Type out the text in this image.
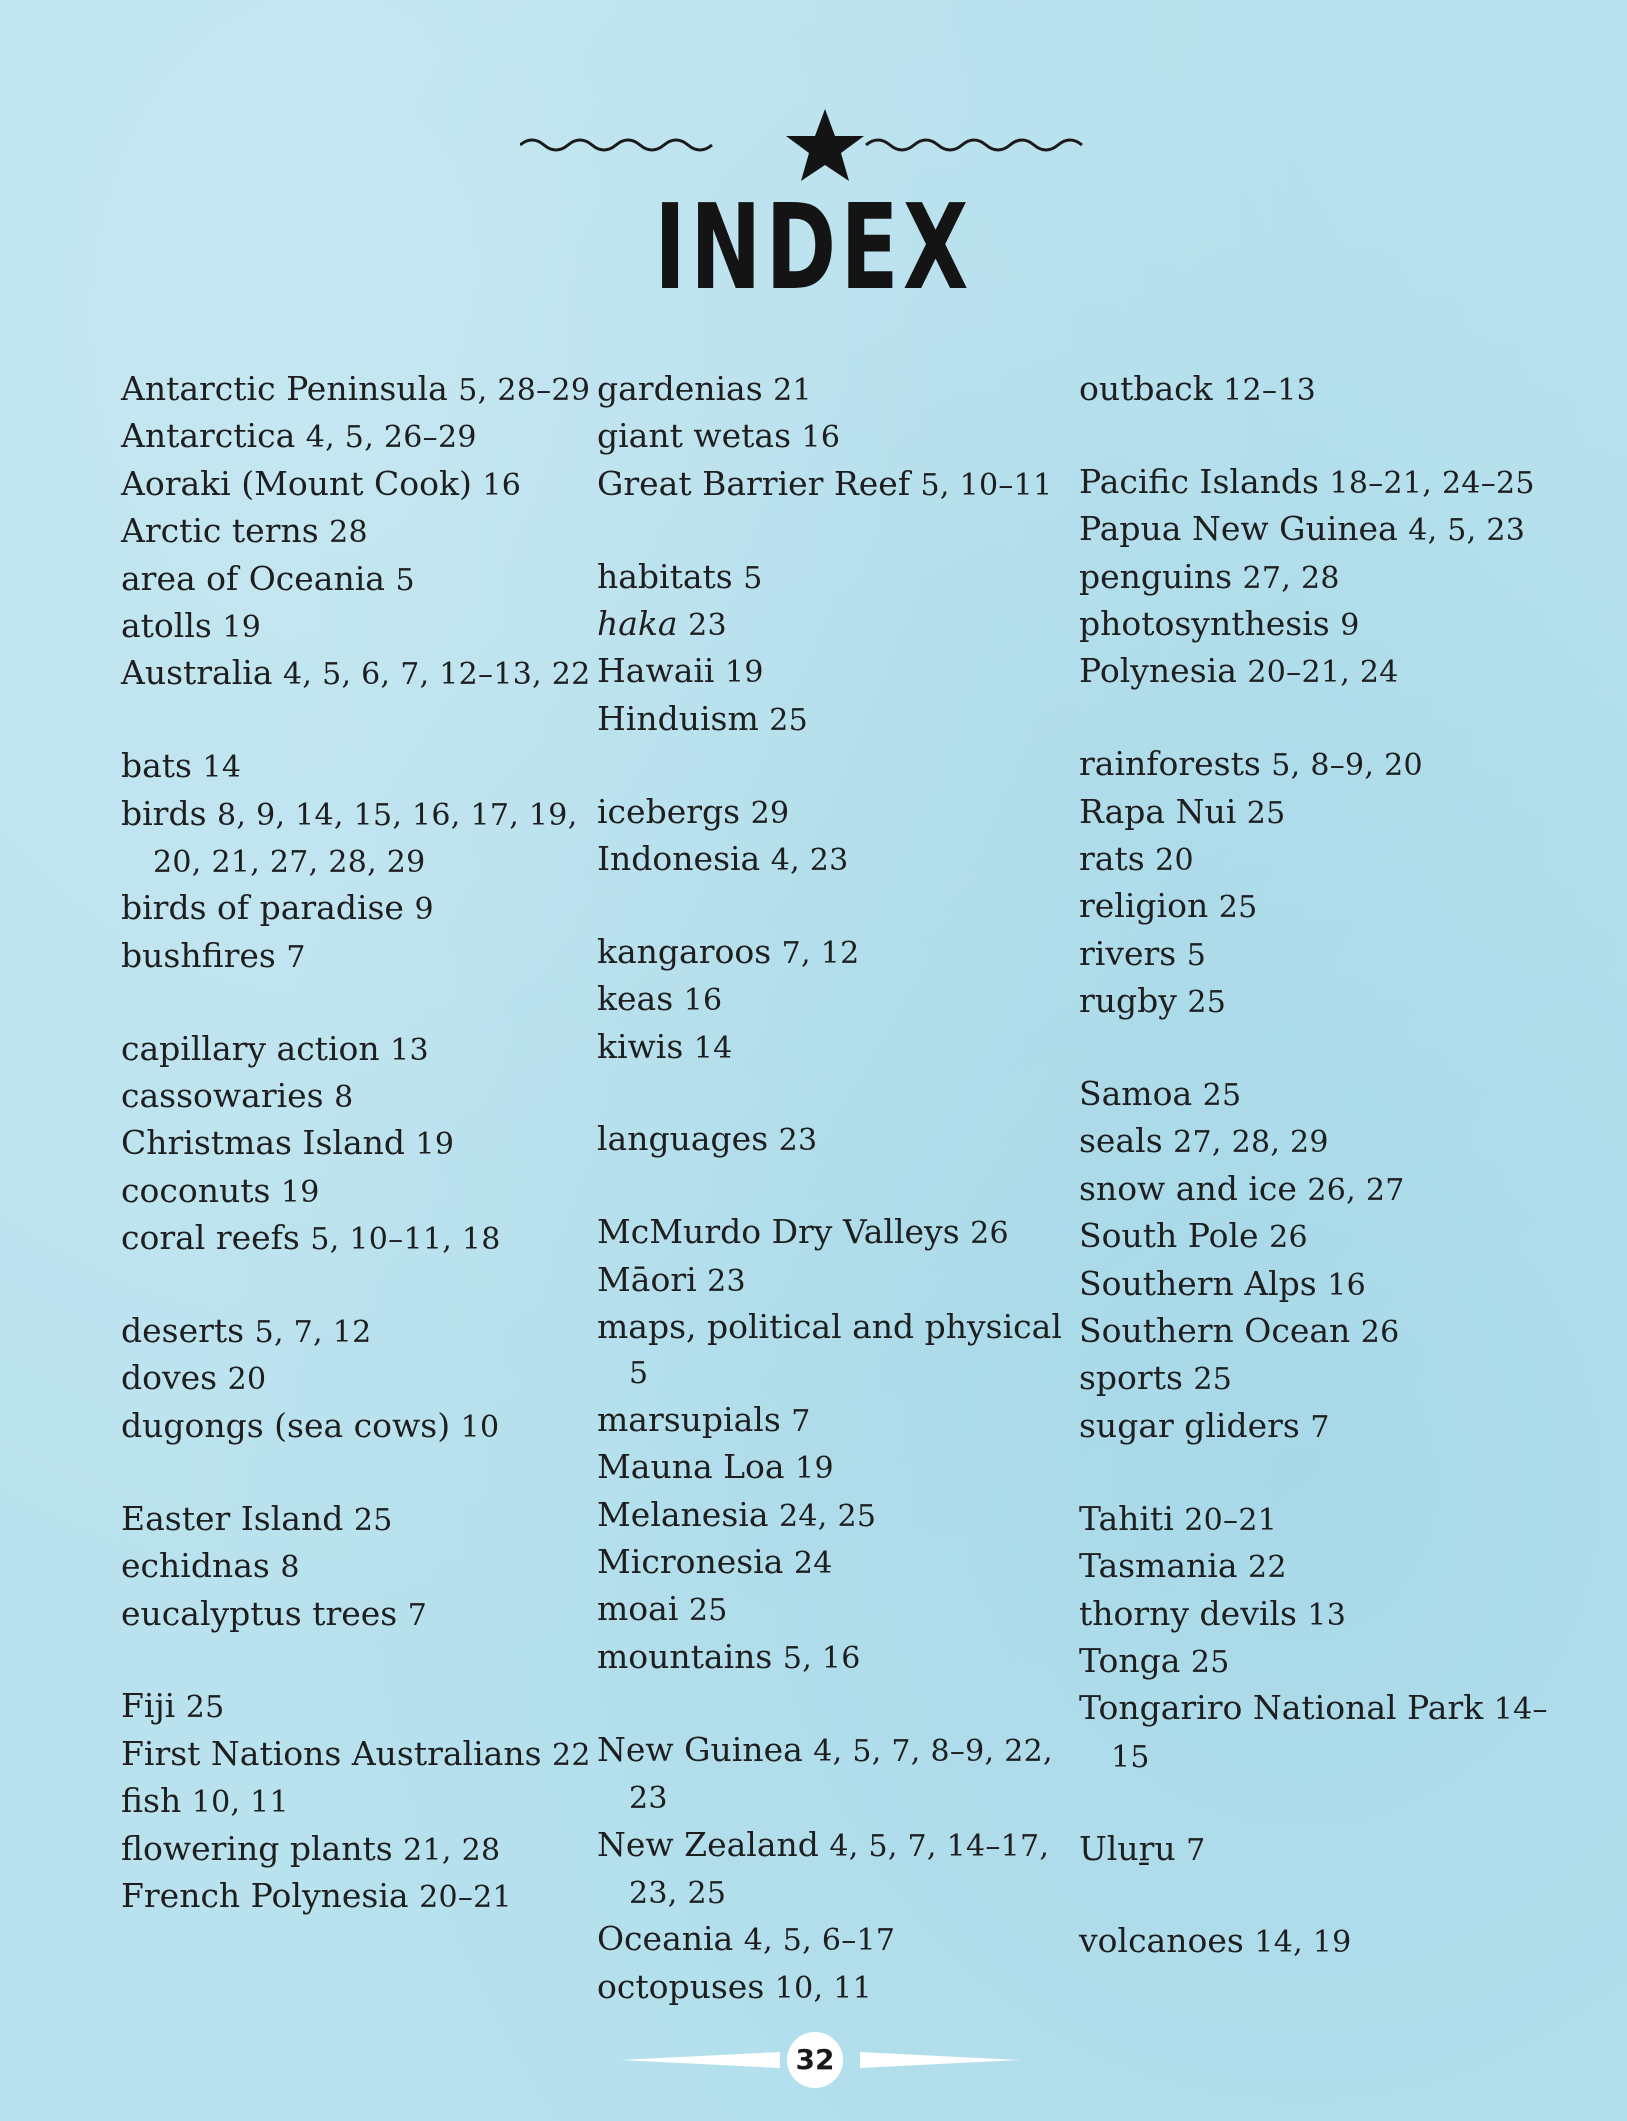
INDEX
Antarctic Peninsula 5, 28–29
Antarctica 4, 5, 26–29
Aoraki (Mount Cook) 16
Arctic terns 28
area of Oceania 5
atolls 19
Australia 4, 5, 6, 7, 12–13, 22
bats 14
birds 8, 9, 14, 15, 16, 17, 19, 20, 21, 27, 28, 29
birds of paradise 9
bushfires 7
capillary action 13
cassowaries 8
Christmas Island 19
coconuts 19
coral reefs 5, 10–11, 18
deserts 5, 7, 12
doves 20
dugongs (sea cows) 10
Easter Island 25
echidnas 8
eucalyptus trees 7
Fiji 25
First Nations Australians 22
fish 10, 11
flowering plants 21, 28
French Polynesia 20–21
gardenias 21
giant wetas 16
Great Barrier Reef 5, 10–11
habitats 5
haka 23
Hawaii 19
Hinduism 25
icebergs 29
Indonesia 4, 23
kangaroos 7, 12
keas 16
kiwis 14
languages 23
McMurdo Dry Valleys 26
Māori 23
maps, political and physical 5
marsupials 7
Mauna Loa 19
Melanesia 24, 25
Micronesia 24
moai 25
mountains 5, 16
New Guinea 4, 5, 7, 8–9, 22, 23
New Zealand 4, 5, 7, 14–17, 23, 25
Oceania 4, 5, 6–17
octopuses 10, 11
outback 12–13
Pacific Islands 18–21, 24–25
Papua New Guinea 4, 5, 23
penguins 27, 28
photosynthesis 9
Polynesia 20–21, 24
rainforests 5, 8–9, 20
Rapa Nui 25
rats 20
religion 25
rivers 5
rugby 25
Samoa 25
seals 27, 28, 29
snow and ice 26, 27
South Pole 26
Southern Alps 16
Southern Ocean 26
sports 25
sugar gliders 7
Tahiti 20–21
Tasmania 22
thorny devils 13
Tonga 25
Tongariro National Park 14–15
Uluṟu 7
volcanoes 14, 19
32
